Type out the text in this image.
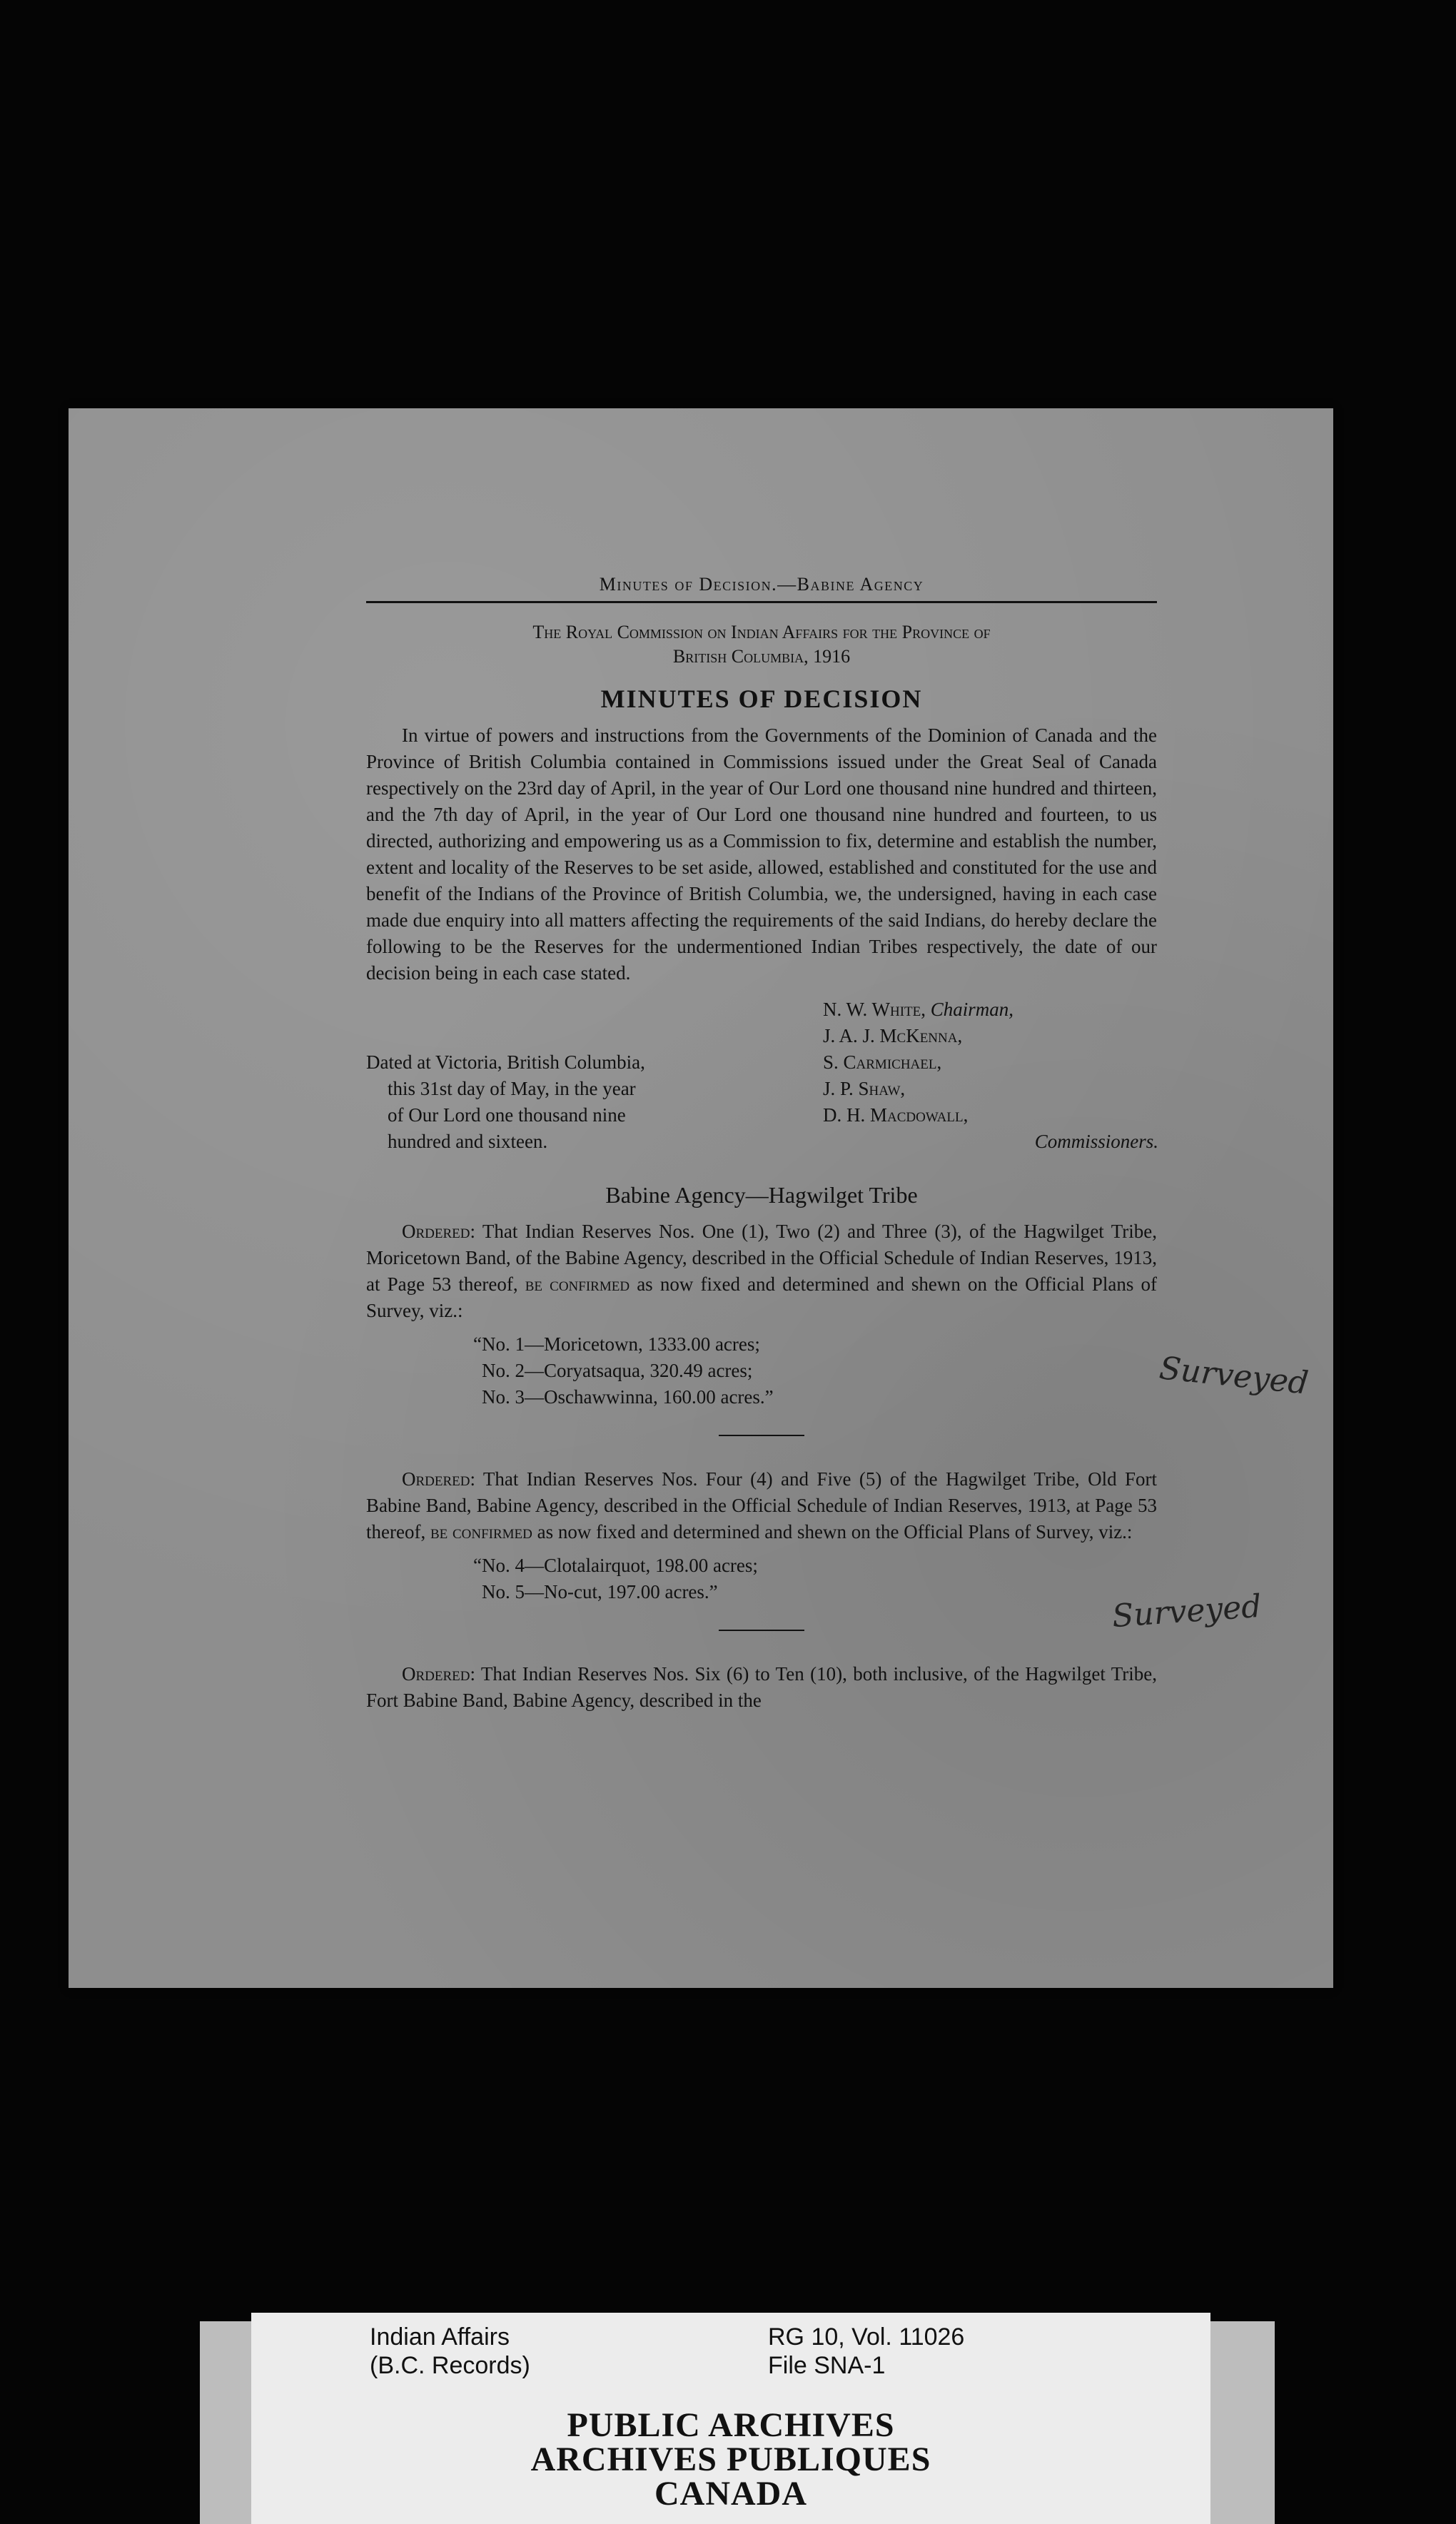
Minutes of Decision.—Babine Agency
The Royal Commission on Indian Affairs for the Province of
British Columbia, 1916
MINUTES OF DECISION

In virtue of powers and instructions from the Governments of the Dominion of Canada and the Province of British Columbia contained in Commissions issued under the Great Seal of Canada respectively on the 23rd day of April, in the year of Our Lord one thousand nine hundred and thirteen, and the 7th day of April, in the year of Our Lord one thousand nine hundred and fourteen, to us directed, authorizing and empowering us as a Commission to fix, determine and establish the number, extent and locality of the Reserves to be set aside, allowed, established and constituted for the use and benefit of the Indians of the Province of British Columbia, we, the undersigned, having in each case made due enquiry into all matters affecting the requirements of the said Indians, do hereby declare the following to be the Reserves for the undermentioned Indian Tribes respectively, the date of our decision being in each case stated.

Dated at Victoria, British Columbia,
this 31st day of May, in the year
of Our Lord one thousand nine
hundred and sixteen.
N. W. White, Chairman,
J. A. J. McKenna,
S. Carmichael,
J. P. Shaw,
D. H. Macdowall,
Commissioners.
Babine Agency—Hagwilget Tribe

Ordered: That Indian Reserves Nos. One (1), Two (2) and Three (3), of the Hagwilget Tribe, Moricetown Band, of the Babine Agency, described in the Official Schedule of Indian Reserves, 1913, at Page 53 thereof, be confirmed as now fixed and determined and shewn on the Official Plans of Survey, viz.:

“No. 1—Moricetown, 1333.00 acres;
No. 2—Coryatsaqua, 320.49 acres;
No. 3—Oschawwinna, 160.00 acres.”

Ordered: That Indian Reserves Nos. Four (4) and Five (5) of the Hagwilget Tribe, Old Fort Babine Band, Babine Agency, described in the Official Schedule of Indian Reserves, 1913, at Page 53 thereof, be confirmed as now fixed and determined and shewn on the Official Plans of Survey, viz.:

“No. 4—Clotalairquot, 198.00 acres;
No. 5—No-cut, 197.00 acres.”

Ordered: That Indian Reserves Nos. Six (6) to Ten (10), both inclusive, of the Hagwilget Tribe, Fort Babine Band, Babine Agency, described in the

Surveyed
Surveyed
Indian Affairs
(B.C. Records)
RG 10, Vol. 11026
File SNA-1
PUBLIC ARCHIVES
ARCHIVES PUBLIQUES
CANADA
